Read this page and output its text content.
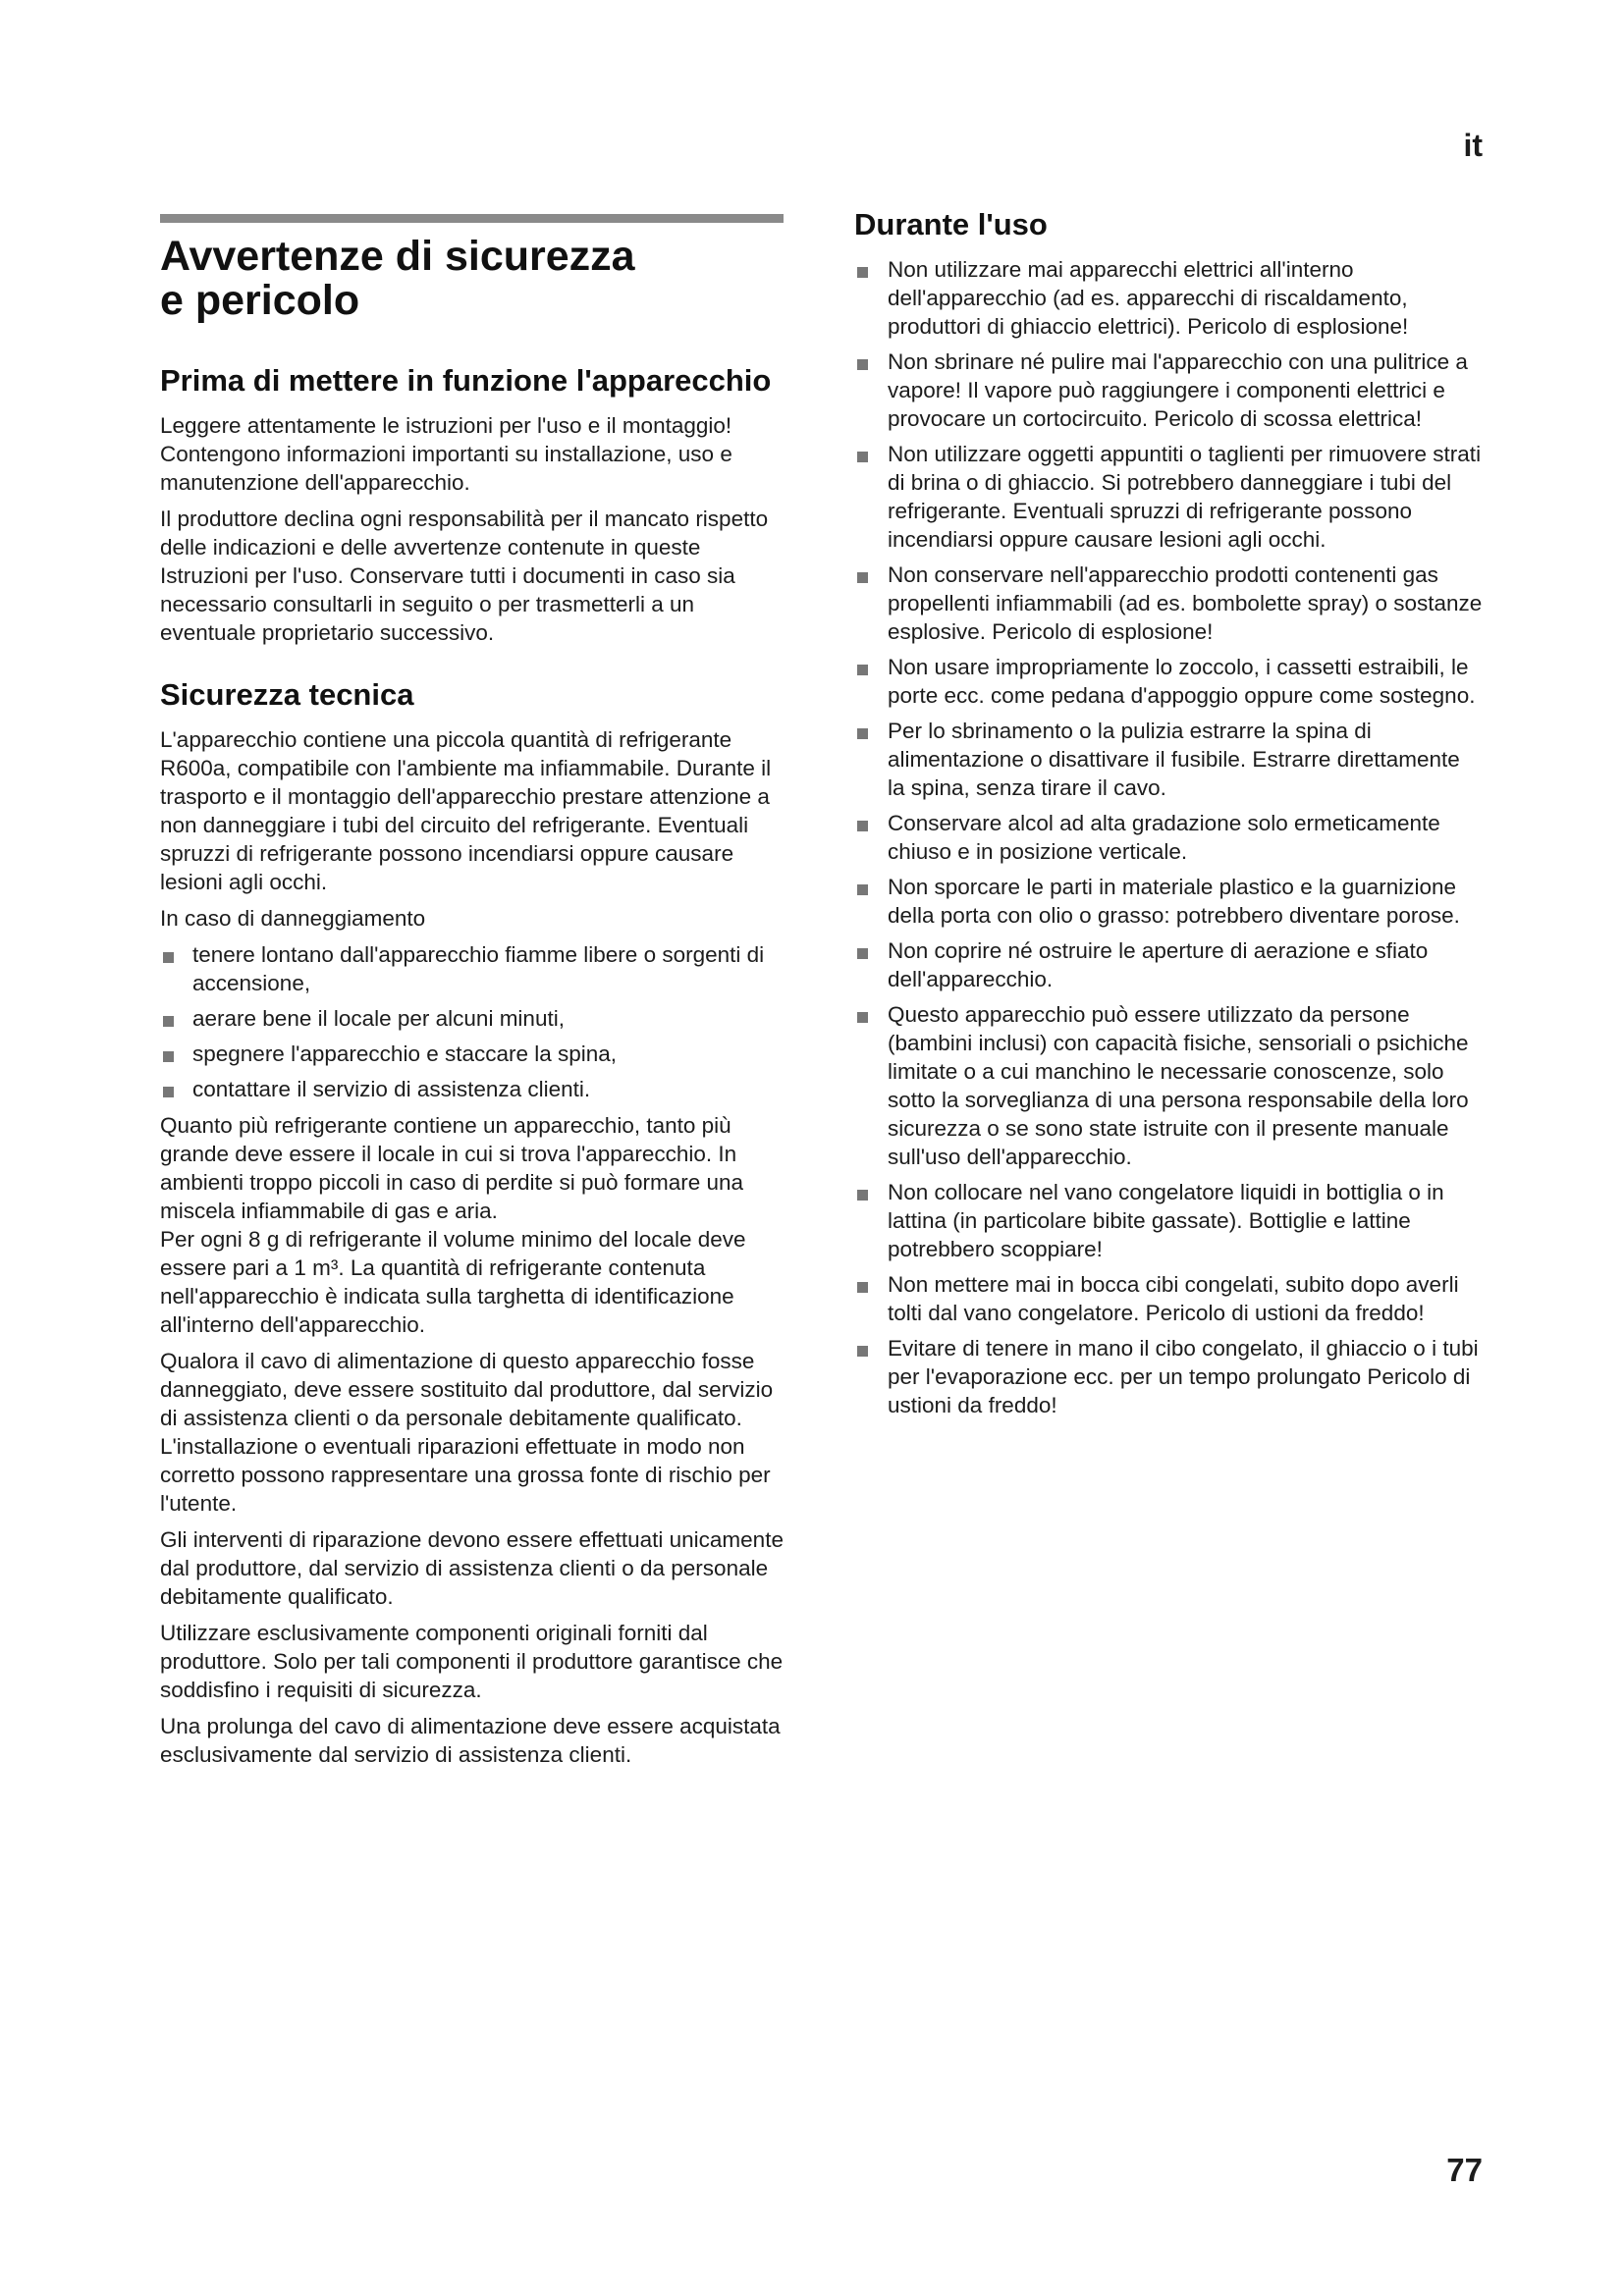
it
Avvertenze di sicurezza
e pericolo
Prima di mettere in funzione l'apparecchio

Leggere attentamente le istruzioni per l'uso e il montaggio! Contengono informazioni importanti su installazione, uso e manutenzione dell'apparecchio.

Il produttore declina ogni responsabilità per il mancato rispetto delle indicazioni e delle avvertenze contenute in queste Istruzioni per l'uso. Conservare tutti i documenti in caso sia necessario consultarli in seguito o per trasmetterli a un eventuale proprietario successivo.

Sicurezza tecnica

L'apparecchio contiene una piccola quantità di refrigerante R600a, compatibile con l'ambiente ma infiammabile. Durante il trasporto e il montaggio dell'apparecchio prestare attenzione a non danneggiare i tubi del circuito del refrigerante. Eventuali spruzzi di refrigerante possono incendiarsi oppure causare lesioni agli occhi.

In caso di danneggiamento

tenere lontano dall'apparecchio fiamme libere o sorgenti di accensione,
aerare bene il locale per alcuni minuti,
spegnere l'apparecchio e staccare la spina,
contattare il servizio di assistenza clienti.

Quanto più refrigerante contiene un apparecchio, tanto più grande deve essere il locale in cui si trova l'apparecchio. In ambienti troppo piccoli in caso di perdite si può formare una miscela infiammabile di gas e aria.

Per ogni 8 g di refrigerante il volume minimo del locale deve essere pari a 1 m³. La quantità di refrigerante contenuta nell'apparecchio è indicata sulla targhetta di identificazione all'interno dell'apparecchio.

Qualora il cavo di alimentazione di questo apparecchio fosse danneggiato, deve essere sostituito dal produttore, dal servizio di assistenza clienti o da personale debitamente qualificato. L'installazione o eventuali riparazioni effettuate in modo non corretto possono rappresentare una grossa fonte di rischio per l'utente.

Gli interventi di riparazione devono essere effettuati unicamente dal produttore, dal servizio di assistenza clienti o da personale debitamente qualificato.

Utilizzare esclusivamente componenti originali forniti dal produttore. Solo per tali componenti il produttore garantisce che soddisfino i requisiti di sicurezza.

Una prolunga del cavo di alimentazione deve essere acquistata esclusivamente dal servizio di assistenza clienti.

Durante l'uso
Non utilizzare mai apparecchi elettrici all'interno dell'apparecchio (ad es. apparecchi di riscaldamento, produttori di ghiaccio elettrici). Pericolo di esplosione!
Non sbrinare né pulire mai l'apparecchio con una pulitrice a vapore! Il vapore può raggiungere i componenti elettrici e provocare un cortocircuito. Pericolo di scossa elettrica!
Non utilizzare oggetti appuntiti o taglienti per rimuovere strati di brina o di ghiaccio. Si potrebbero danneggiare i tubi del refrigerante. Eventuali spruzzi di refrigerante possono incendiarsi oppure causare lesioni agli occhi.
Non conservare nell'apparecchio prodotti contenenti gas propellenti infiammabili (ad es. bombolette spray) o sostanze esplosive. Pericolo di esplosione!
Non usare impropriamente lo zoccolo, i cassetti estraibili, le porte ecc. come pedana d'appoggio oppure come sostegno.
Per lo sbrinamento o la pulizia estrarre la spina di alimentazione o disattivare il fusibile. Estrarre direttamente la spina, senza tirare il cavo.
Conservare alcol ad alta gradazione solo ermeticamente chiuso e in posizione verticale.
Non sporcare le parti in materiale plastico e la guarnizione della porta con olio o grasso: potrebbero diventare porose.
Non coprire né ostruire le aperture di aerazione e sfiato dell'apparecchio.
Questo apparecchio può essere utilizzato da persone (bambini inclusi) con capacità fisiche, sensoriali o psichiche limitate o a cui manchino le necessarie conoscenze, solo sotto la sorveglianza di una persona responsabile della loro sicurezza o se sono state istruite con il presente manuale sull'uso dell'apparecchio.
Non collocare nel vano congelatore liquidi in bottiglia o in lattina (in particolare bibite gassate). Bottiglie e lattine potrebbero scoppiare!
Non mettere mai in bocca cibi congelati, subito dopo averli tolti dal vano congelatore. Pericolo di ustioni da freddo!
Evitare di tenere in mano il cibo congelato, il ghiaccio o i tubi per l'evaporazione ecc. per un tempo prolungato Pericolo di ustioni da freddo!
77
